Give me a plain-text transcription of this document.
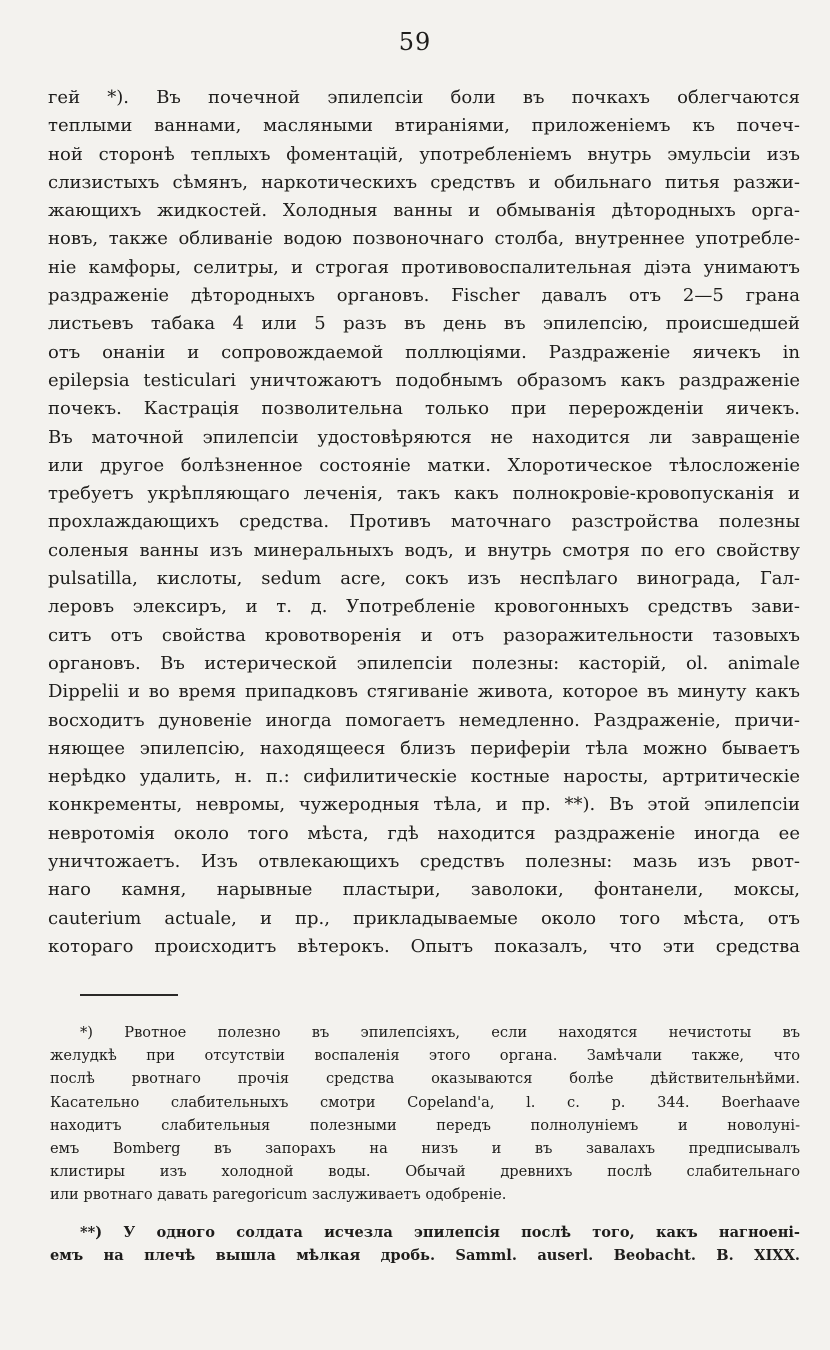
59
гей *). Въ почечной эпилепсіи боли въ почкахъ облегчаются
теплыми ваннами, масляными втираніями, приложеніемъ къ почеч-
ной сторонѣ теплыхъ фоментацій, употребленіемъ внутрь эмульсіи изъ
слизистыхъ сѣмянъ, наркотическихъ средствъ и обильнаго питья разжи-
жающихъ жидкостей. Холодныя ванны и обмыванія дѣтородныхъ орга-
новъ, также обливаніе водою позвоночнаго столба, внутреннее употребле-
ніе камфоры, селитры, и строгая противовоспалительная діэта унимаютъ
раздраженіе дѣтородныхъ органовъ. Fischer давалъ отъ 2—5 грана
листьевъ табака 4 или 5 разъ въ день въ эпилепсію, происшедшей
отъ онаніи и сопровождаемой поллюціями. Раздраженіе яичекъ in
epilepsia testiculari уничтожаютъ подобнымъ образомъ какъ раздраженіе
почекъ. Кастрація позволительна только при перерожденіи яичекъ.
Въ маточной эпилепсіи удостовѣряются не находится ли завращеніе
или другое болѣзненное состояніе матки. Хлоротическое тѣлосложеніе
требуетъ укрѣпляющаго леченія, такъ какъ полнокровіе-кровопусканія и
прохлаждающихъ средства. Противъ маточнаго разстройства полезны
соленыя ванны изъ минеральныхъ водъ, и внутрь смотря по его свойству
pulsatilla, кислоты, sedum acre, сокъ изъ неспѣлаго винограда, Гал-
леровъ элексиръ, и т. д. Употребленіе кровогонныхъ средствъ зави-
ситъ отъ свойства кровотворенія и отъ разоражительности тазовыхъ
органовъ. Въ истерической эпилепсіи полезны: касторій, ol. animale
Dippelii и во время припадковъ стягиваніе живота, которое въ минуту какъ
восходитъ дуновеніе иногда помогаетъ немедленно. Раздраженіе, причи-
няющее эпилепсію, находящееся близъ периферіи тѣла можно бываетъ
нерѣдко удалить, н. п.: сифилитическіе костные наросты, артритическіе
конкременты, невромы, чужеродныя тѣла, и пр. **). Въ этой эпилепсіи
невротомія около того мѣста, гдѣ находится раздраженіе иногда ее
уничтожаетъ. Изъ отвлекающихъ средствъ полезны: мазь изъ рвот-
наго камня, нарывные пластыри, заволоки, фонтанели, моксы,
cauterium actuale, и пр., прикладываемые около того мѣста, отъ
котораго происходитъ вѣтерокъ. Опытъ показалъ, что эти средства
*) Рвотное полезно въ эпилепсіяхъ, если находятся нечистоты въ
желудкѣ при отсутствіи воспаленія этого органа. Замѣчали также, что
послѣ рвотнаго прочія средства оказываются болѣе дѣйствительнѣйми.
Касательно слабительныхъ смотри Copeland'a, l. c. p. 344. Boerhaave
находитъ слабительныя полезными передъ полнолуніемъ и новолуні-
емъ Bomberg въ запорахъ на низъ и въ завалахъ предписывалъ
клистиры изъ холодной воды. Обычай древнихъ послѣ слабительнаго
или рвотнаго давать paregoricum заслуживаетъ одобреніе.
**) У одного солдата исчезла эпилепсія послѣ того, какъ нагноені-
емъ на плечѣ вышла мѣлкая дробь. Samml. auserl. Beobacht. B. XIXX.
